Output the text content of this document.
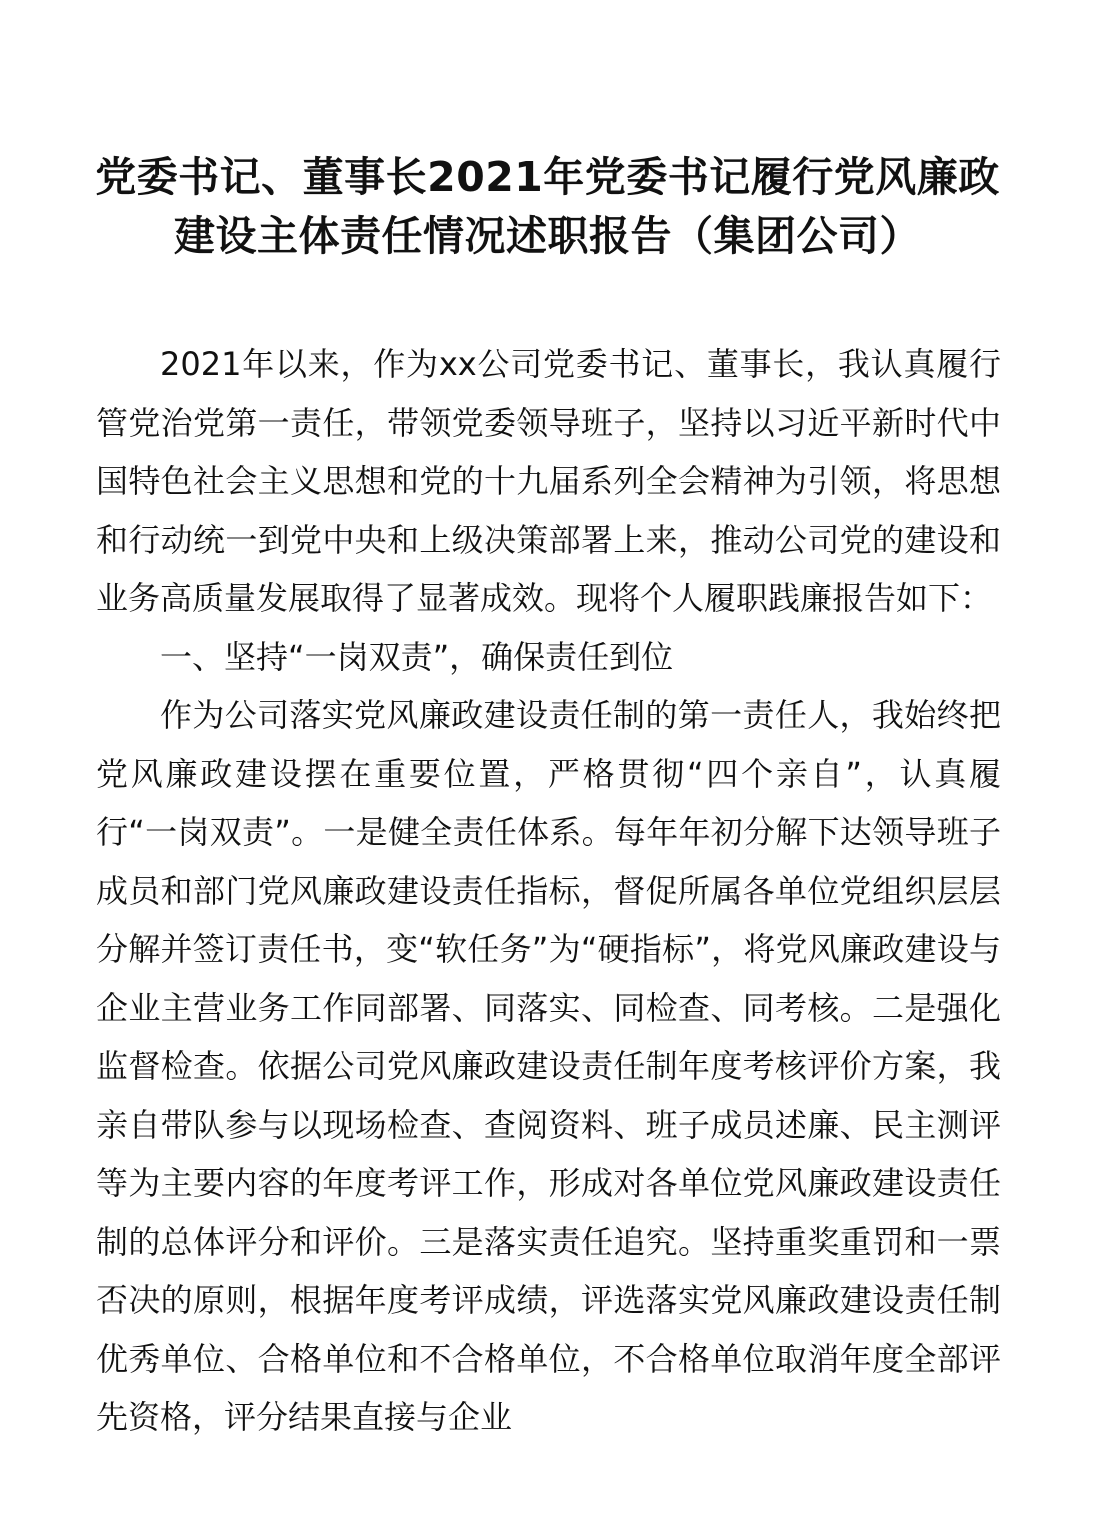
党委书记、董事长2021年党委书记履行党风廉政建设主体责任情况述职报告（集团公司）

2021年以来，作为xx公司党委书记、董事长，我认真履行管党治党第一责任，带领党委领导班子，坚持以习近平新时代中国特色社会主义思想和党的十九届系列全会精神为引领，将思想和行动统一到党中央和上级决策部署上来，推动公司党的建设和业务高质量发展取得了显著成效。现将个人履职践廉报告如下：

一、坚持“一岗双责”，确保责任到位

作为公司落实党风廉政建设责任制的第一责任人，我始终把党风廉政建设摆在重要位置，严格贯彻“四个亲自”，认真履行“一岗双责”。一是健全责任体系。每年年初分解下达领导班子成员和部门党风廉政建设责任指标，督促所属各单位党组织层层分解并签订责任书，变“软任务”为“硬指标”，将党风廉政建设与企业主营业务工作同部署、同落实、同检查、同考核。二是强化监督检查。依据公司党风廉政建设责任制年度考核评价方案，我亲自带队参与以现场检查、查阅资料、班子成员述廉、民主测评等为主要内容的年度考评工作，形成对各单位党风廉政建设责任制的总体评分和评价。三是落实责任追究。坚持重奖重罚和一票否决的原则，根据年度考评成绩，评选落实党风廉政建设责任制优秀单位、合格单位和不合格单位，不合格单位取消年度全部评先资格，评分结果直接与企业
